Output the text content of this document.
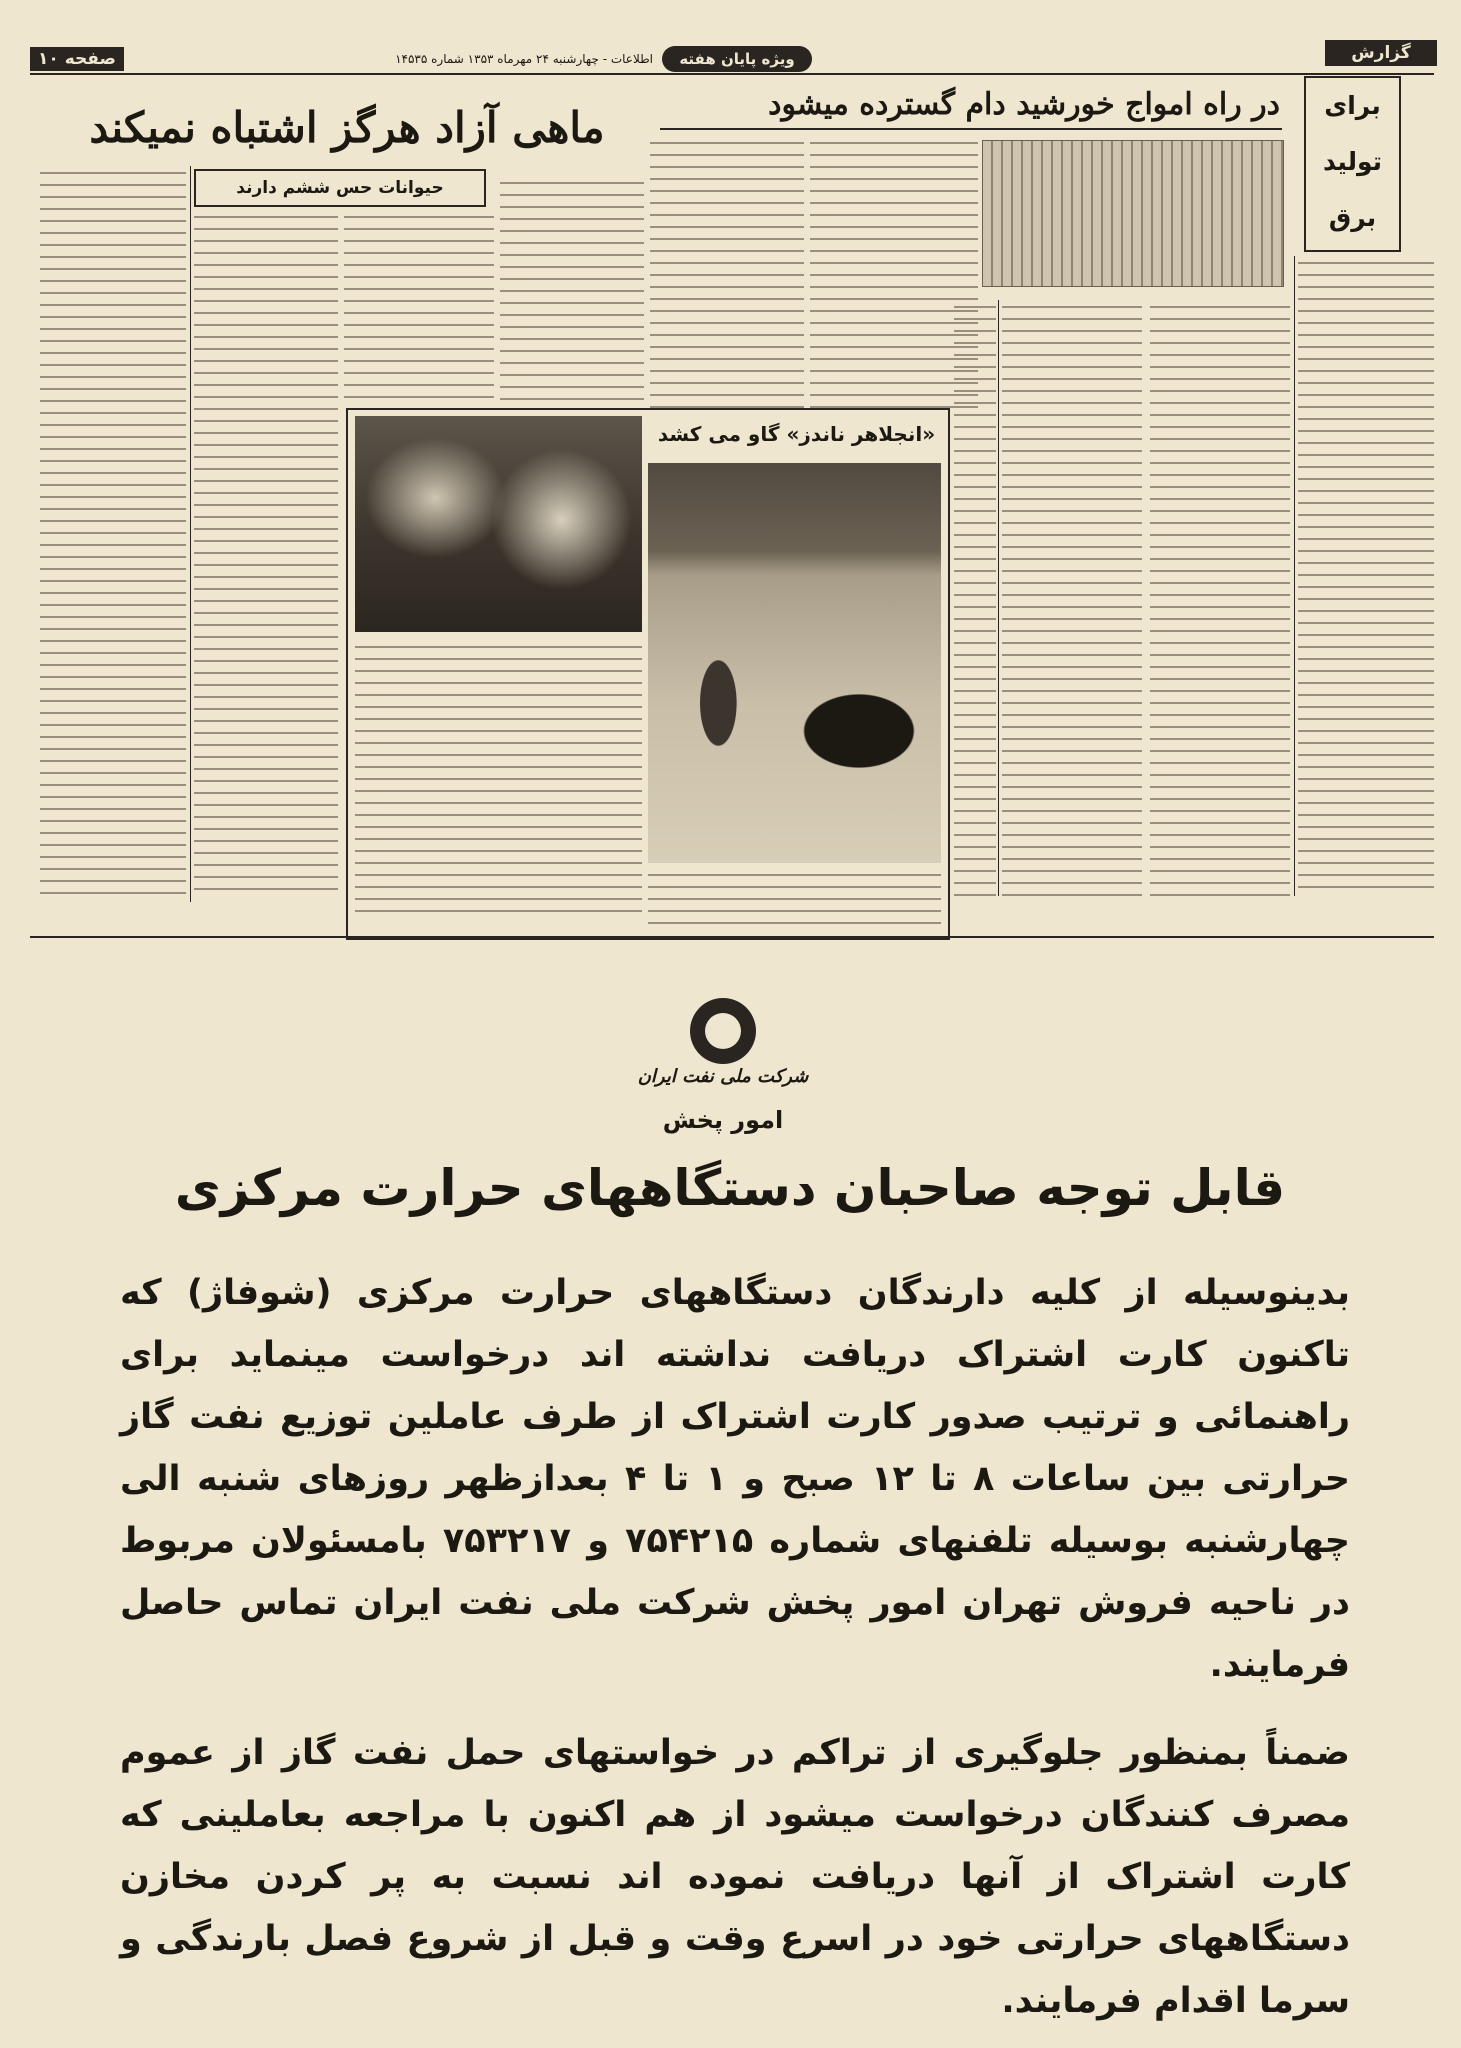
صفحه ۱۰	اطلاعات - چهارشنبه ۲۴ مهرماه ۱۳۵۳ شماره ۱۴۵۳۵	ویژه پایان هفته	گزارش
ماهی آزاد هرگز اشتباه نمیکند	در راه امواج خورشید دام گسترده میشود	برای
تولید
برق
حیوانات حس ششم دارند
«انجلاهر ناندز» گاو می کشد
شرکت ملی نفت ایران
امور پخش
قابل توجه صاحبان دستگاههای حرارت مرکزی

بدینوسیله از کلیه دارندگان دستگاههای حرارت مرکزی (شوفاژ) که تاکنون کارت اشتراک دریافت نداشته اند درخواست مینماید برای راهنمائی و ترتیب صدور کارت اشتراک از طرف عاملین توزیع نفت گاز حرارتی بین ساعات ۸ تا ۱۲ صبح و ۱ تا ۴ بعدازظهر روزهای شنبه الی چهارشنبه بوسیله تلفنهای شماره ۷۵۴۲۱۵ و ۷۵۳۲۱۷ بامسئولان مربوط در ناحیه فروش تهران امور پخش شرکت ملی نفت ایران تماس حاصل فرمایند.

ضمناً بمنظور جلوگیری از تراکم در خواستهای حمل نفت گاز از عموم مصرف کنندگان درخواست میشود از هم اکنون با مراجعه بعاملینی که کارت اشتراک از آنها دریافت نموده اند نسبت به پر کردن مخازن دستگاههای حرارتی خود در اسرع وقت و قبل از شروع فصل بارندگی و سرما اقدام فرمایند.
